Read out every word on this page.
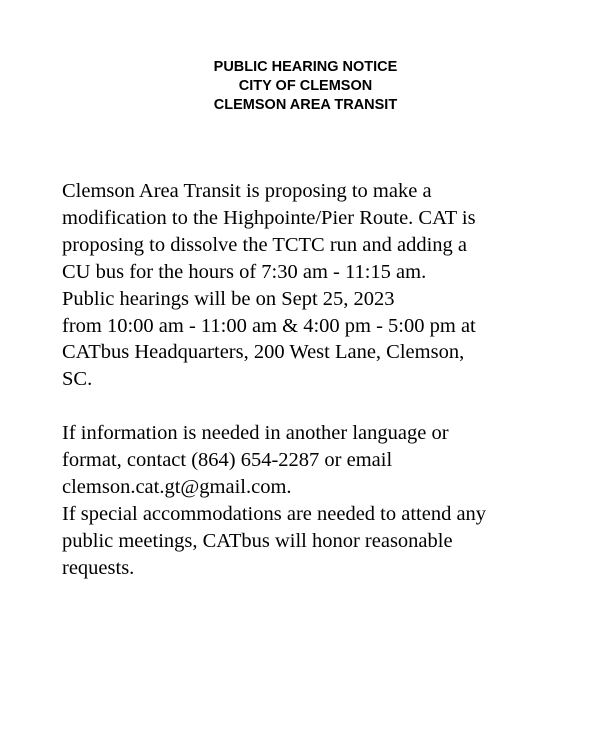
PUBLIC HEARING NOTICE
CITY OF CLEMSON
CLEMSON AREA TRANSIT
Clemson Area Transit is proposing to make a
modification to the Highpointe/Pier Route. CAT is
proposing to dissolve the TCTC run and adding a
CU bus for the hours of 7:30 am - 11:15 am.
Public hearings will be on Sept 25, 2023
from 10:00 am - 11:00 am & 4:00 pm - 5:00 pm at
CATbus Headquarters, 200 West Lane, Clemson,
SC.
If information is needed in another language or
format, contact (864) 654-2287 or email
clemson.cat.gt@gmail.com.
If special accommodations are needed to attend any
public meetings, CATbus will honor reasonable
requests.
